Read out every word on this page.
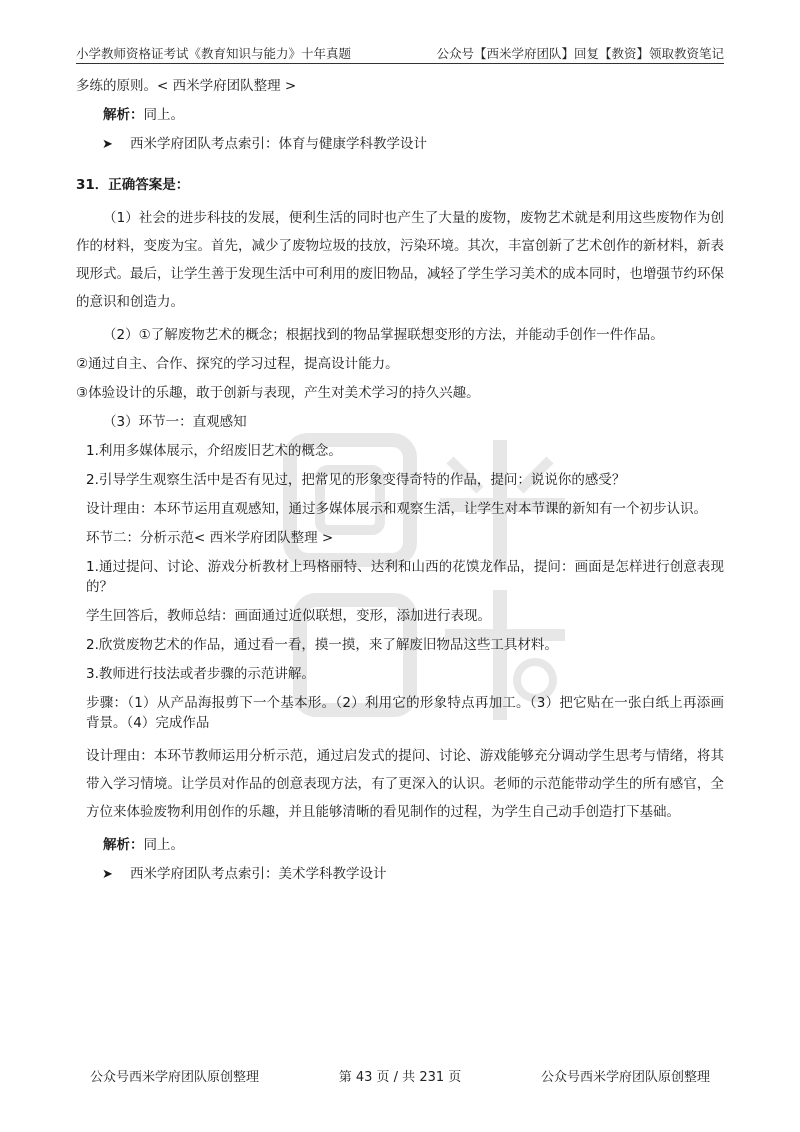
小学教师资格证考试《教育知识与能力》十年真题	公众号【西米学府团队】回复【教资】领取教资笔记

多练的原则。< 西米学府团队整理 >

解析：同上。

➤ 西米学府团队考点索引：体育与健康学科教学设计

31．正确答案是：

（1）社会的进步科技的发展，便利生活的同时也产生了大量的废物，废物艺术就是利用这些废物作为创作的材料，变废为宝。首先，减少了废物垃圾的技放，污染环境。其次，丰富创新了艺术创作的新材料，新表现形式。最后，让学生善于发现生活中可利用的废旧物品，减轻了学生学习美术的成本同时，也增强节约环保的意识和创造力。

（2）①了解废物艺术的概念；根据找到的物品掌握联想变形的方法，并能动手创作一件作品。

②通过自主、合作、探究的学习过程，提高设计能力。

③体验设计的乐趣，敢于创新与表现，产生对美术学习的持久兴趣。

（3）环节一：直观感知

1.利用多媒体展示，介绍废旧艺术的概念。

2.引导学生观察生活中是否有见过，把常见的形象变得奇特的作品，提问：说说你的感受？

设计理由：本环节运用直观感知，通过多媒体展示和观察生活，让学生对本节课的新知有一个初步认识。

环节二：分析示范< 西米学府团队整理 >

1.通过提问、讨论、游戏分析教材上玛格丽特、达利和山西的花馍龙作品，提问：画面是怎样进行创意表现的？

学生回答后，教师总结：画面通过近似联想，变形，添加进行表现。

2.欣赏废物艺术的作品，通过看一看，摸一摸，来了解废旧物品这些工具材料。

3.教师进行技法或者步骤的示范讲解。

步骤：（1）从产品海报剪下一个基本形。（2）利用它的形象特点再加工。（3）把它贴在一张白纸上再添画背景。（4）完成作品

设计理由：本环节教师运用分析示范，通过启发式的提问、讨论、游戏能够充分调动学生思考与情绪，将其带入学习情境。让学员对作品的创意表现方法，有了更深入的认识。老师的示范能带动学生的所有感官，全方位来体验废物利用创作的乐趣，并且能够清晰的看见制作的过程，为学生自己动手创造打下基础。

解析：同上。

➤ 西米学府团队考点索引：美术学科教学设计

公众号西米学府团队原创整理	第 43 页 / 共 231 页	公众号西米学府团队原创整理
